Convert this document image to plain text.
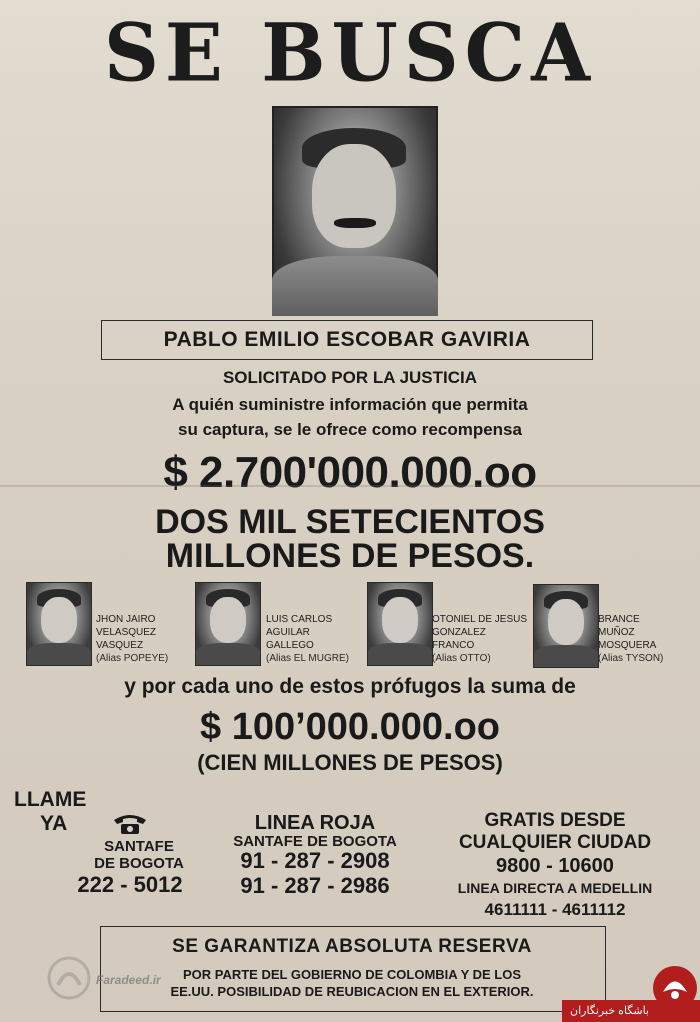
SE BUSCA
PABLO EMILIO ESCOBAR GAVIRIA
SOLICITADO POR LA JUSTICIA
A quién suministre información que permita
su captura, se le ofrece como recompensa
$ 2.700'000.000.oo
DOS MIL SETECIENTOS
MILLONES DE PESOS.
JHON JAIRO
VELASQUEZ
VASQUEZ
(Alias POPEYE)
LUIS CARLOS
AGUILAR
GALLEGO
(Alias EL MUGRE)
OTONIEL DE JESUS
GONZALEZ
FRANCO
(Alias OTTO)
BRANCE
MUÑOZ
MOSQUERA
(Alias TYSON)
y por cada uno de estos prófugos la suma de
$ 100’000.000.oo
(CIEN MILLONES DE PESOS)
LLAME
YA
SANTAFE
DE BOGOTA
222 - 5012
LINEA ROJA
SANTAFE DE BOGOTA
91 - 287 - 2908
91 - 287 - 2986
GRATIS DESDE
CUALQUIER CIUDAD
9800 - 10600
LINEA DIRECTA A MEDELLIN
4611111 - 4611112
SE GARANTIZA ABSOLUTA RESERVA
POR PARTE DEL GOBIERNO DE COLOMBIA Y DE LOS
EE.UU. POSIBILIDAD DE REUBICACION EN EL EXTERIOR.
Faradeed.ir
باشگاه خبرنگاران
